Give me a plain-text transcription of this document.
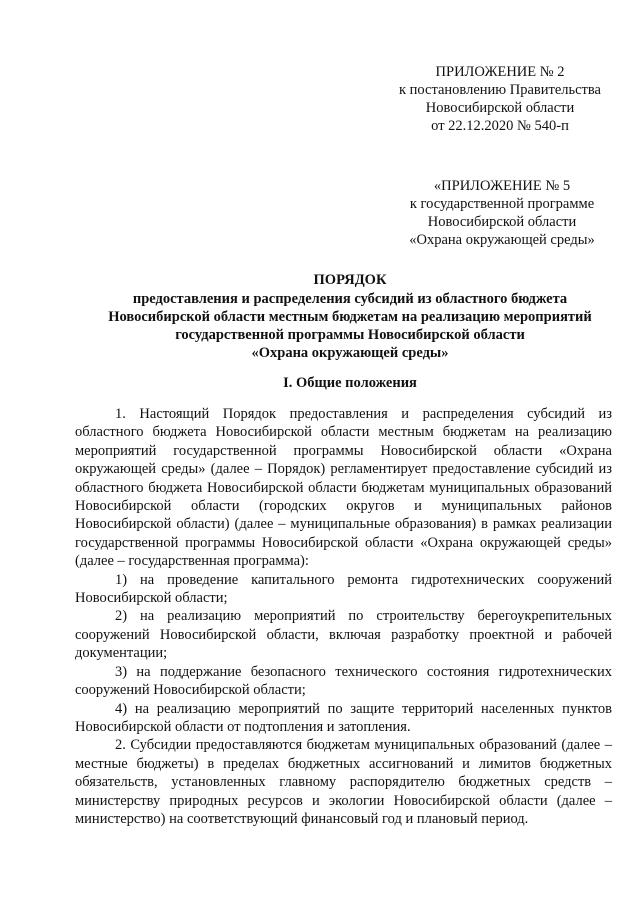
ПРИЛОЖЕНИЕ № 2
к постановлению Правительства
Новосибирской области
от 22.12.2020 № 540-п
«ПРИЛОЖЕНИЕ № 5
к государственной программе
Новосибирской области
«Охрана окружающей среды»
ПОРЯДОК
предоставления и распределения субсидий из областного бюджета
Новосибирской области местным бюджетам на реализацию мероприятий
государственной программы Новосибирской области
«Охрана окружающей среды»
I. Общие положения

1. Настоящий Порядок предоставления и распределения субсидий из областного бюджета Новосибирской области местным бюджетам на реализацию мероприятий государственной программы Новосибирской области «Охрана окружающей среды» (далее – Порядок) регламентирует предоставление субсидий из областного бюджета Новосибирской области бюджетам муниципальных образований Новосибирской области (городских округов и муниципальных районов Новосибирской области) (далее – муниципальные образования) в рамках реализации государственной программы Новосибирской области «Охрана окружающей среды» (далее – государственная программа):

1) на проведение капитального ремонта гидротехнических сооружений Новосибирской области;

2) на реализацию мероприятий по строительству берегоукрепительных сооружений Новосибирской области, включая разработку проектной и рабочей документации;

3) на поддержание безопасного технического состояния гидротехнических сооружений Новосибирской области;

4) на реализацию мероприятий по защите территорий населенных пунктов Новосибирской области от подтопления и затопления.

2. Субсидии предоставляются бюджетам муниципальных образований (далее – местные бюджеты) в пределах бюджетных ассигнований и лимитов бюджетных обязательств, установленных главному распорядителю бюджетных средств – министерству природных ресурсов и экологии Новосибирской области (далее – министерство) на соответствующий финансовый год и плановый период.
